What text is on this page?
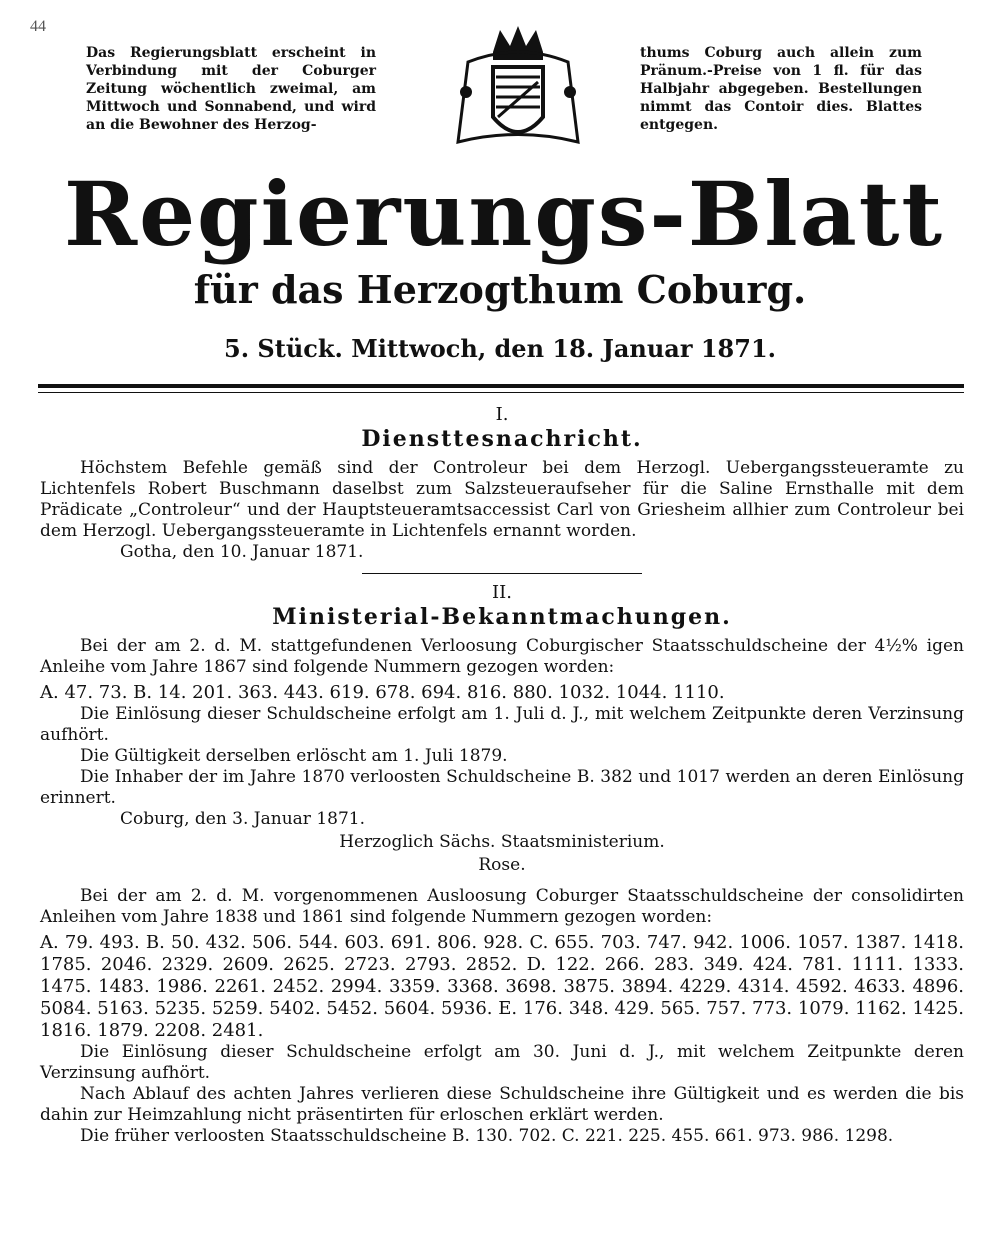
44
Das Regierungsblatt erscheint in Verbindung mit der Coburger Zeitung wöchentlich zweimal, am Mittwoch und Sonnabend, und wird an die Bewohner des Herzog-
thums Coburg auch allein zum Pränum.-Preise von 1 fl. für das Halbjahr abgegeben. Bestellungen nimmt das Contoir dies. Blattes entgegen.
Regierungs-Blatt
für das Herzogthum Coburg.
5. Stück. Mittwoch, den 18. Januar 1871.
I.
Diensttesnachricht.
Höchstem Befehle gemäß sind der Controleur bei dem Herzogl. Uebergangssteueramte zu Lichtenfels Robert Buschmann daselbst zum Salzsteueraufseher für die Saline Ernsthalle mit dem Prädicate „Controleur“ und der Hauptsteueramtsaccessist Carl von Griesheim allhier zum Controleur bei dem Herzogl. Uebergangssteueramte in Lichtenfels ernannt worden.
Gotha, den 10. Januar 1871.
II.
Ministerial-Bekanntmachungen.
Bei der am 2. d. M. stattgefundenen Verloosung Coburgischer Staatsschuldscheine der 4½% igen Anleihe vom Jahre 1867 sind folgende Nummern gezogen worden:
A. 47. 73. B. 14. 201. 363. 443. 619. 678. 694. 816. 880. 1032. 1044. 1110.
Die Einlösung dieser Schuldscheine erfolgt am 1. Juli d. J., mit welchem Zeitpunkte deren Verzinsung aufhört.
Die Gültigkeit derselben erlöscht am 1. Juli 1879.
Die Inhaber der im Jahre 1870 verloosten Schuldscheine B. 382 und 1017 werden an deren Einlösung erinnert.
Coburg, den 3. Januar 1871.
Herzoglich Sächs. Staatsministerium.
Rose.
Bei der am 2. d. M. vorgenommenen Ausloosung Coburger Staatsschuldscheine der consolidirten Anleihen vom Jahre 1838 und 1861 sind folgende Nummern gezogen worden:
A. 79. 493. B. 50. 432. 506. 544. 603. 691. 806. 928. C. 655. 703. 747. 942. 1006. 1057. 1387. 1418. 1785. 2046. 2329. 2609. 2625. 2723. 2793. 2852. D. 122. 266. 283. 349. 424. 781. 1111. 1333. 1475. 1483. 1986. 2261. 2452. 2994. 3359. 3368. 3698. 3875. 3894. 4229. 4314. 4592. 4633. 4896. 5084. 5163. 5235. 5259. 5402. 5452. 5604. 5936. E. 176. 348. 429. 565. 757. 773. 1079. 1162. 1425. 1816. 1879. 2208. 2481.
Die Einlösung dieser Schuldscheine erfolgt am 30. Juni d. J., mit welchem Zeitpunkte deren Verzinsung aufhört.
Nach Ablauf des achten Jahres verlieren diese Schuldscheine ihre Gültigkeit und es werden die bis dahin zur Heimzahlung nicht präsentirten für erloschen erklärt werden.
Die früher verloosten Staatsschuldscheine B. 130. 702. C. 221. 225. 455. 661. 973. 986. 1298.
